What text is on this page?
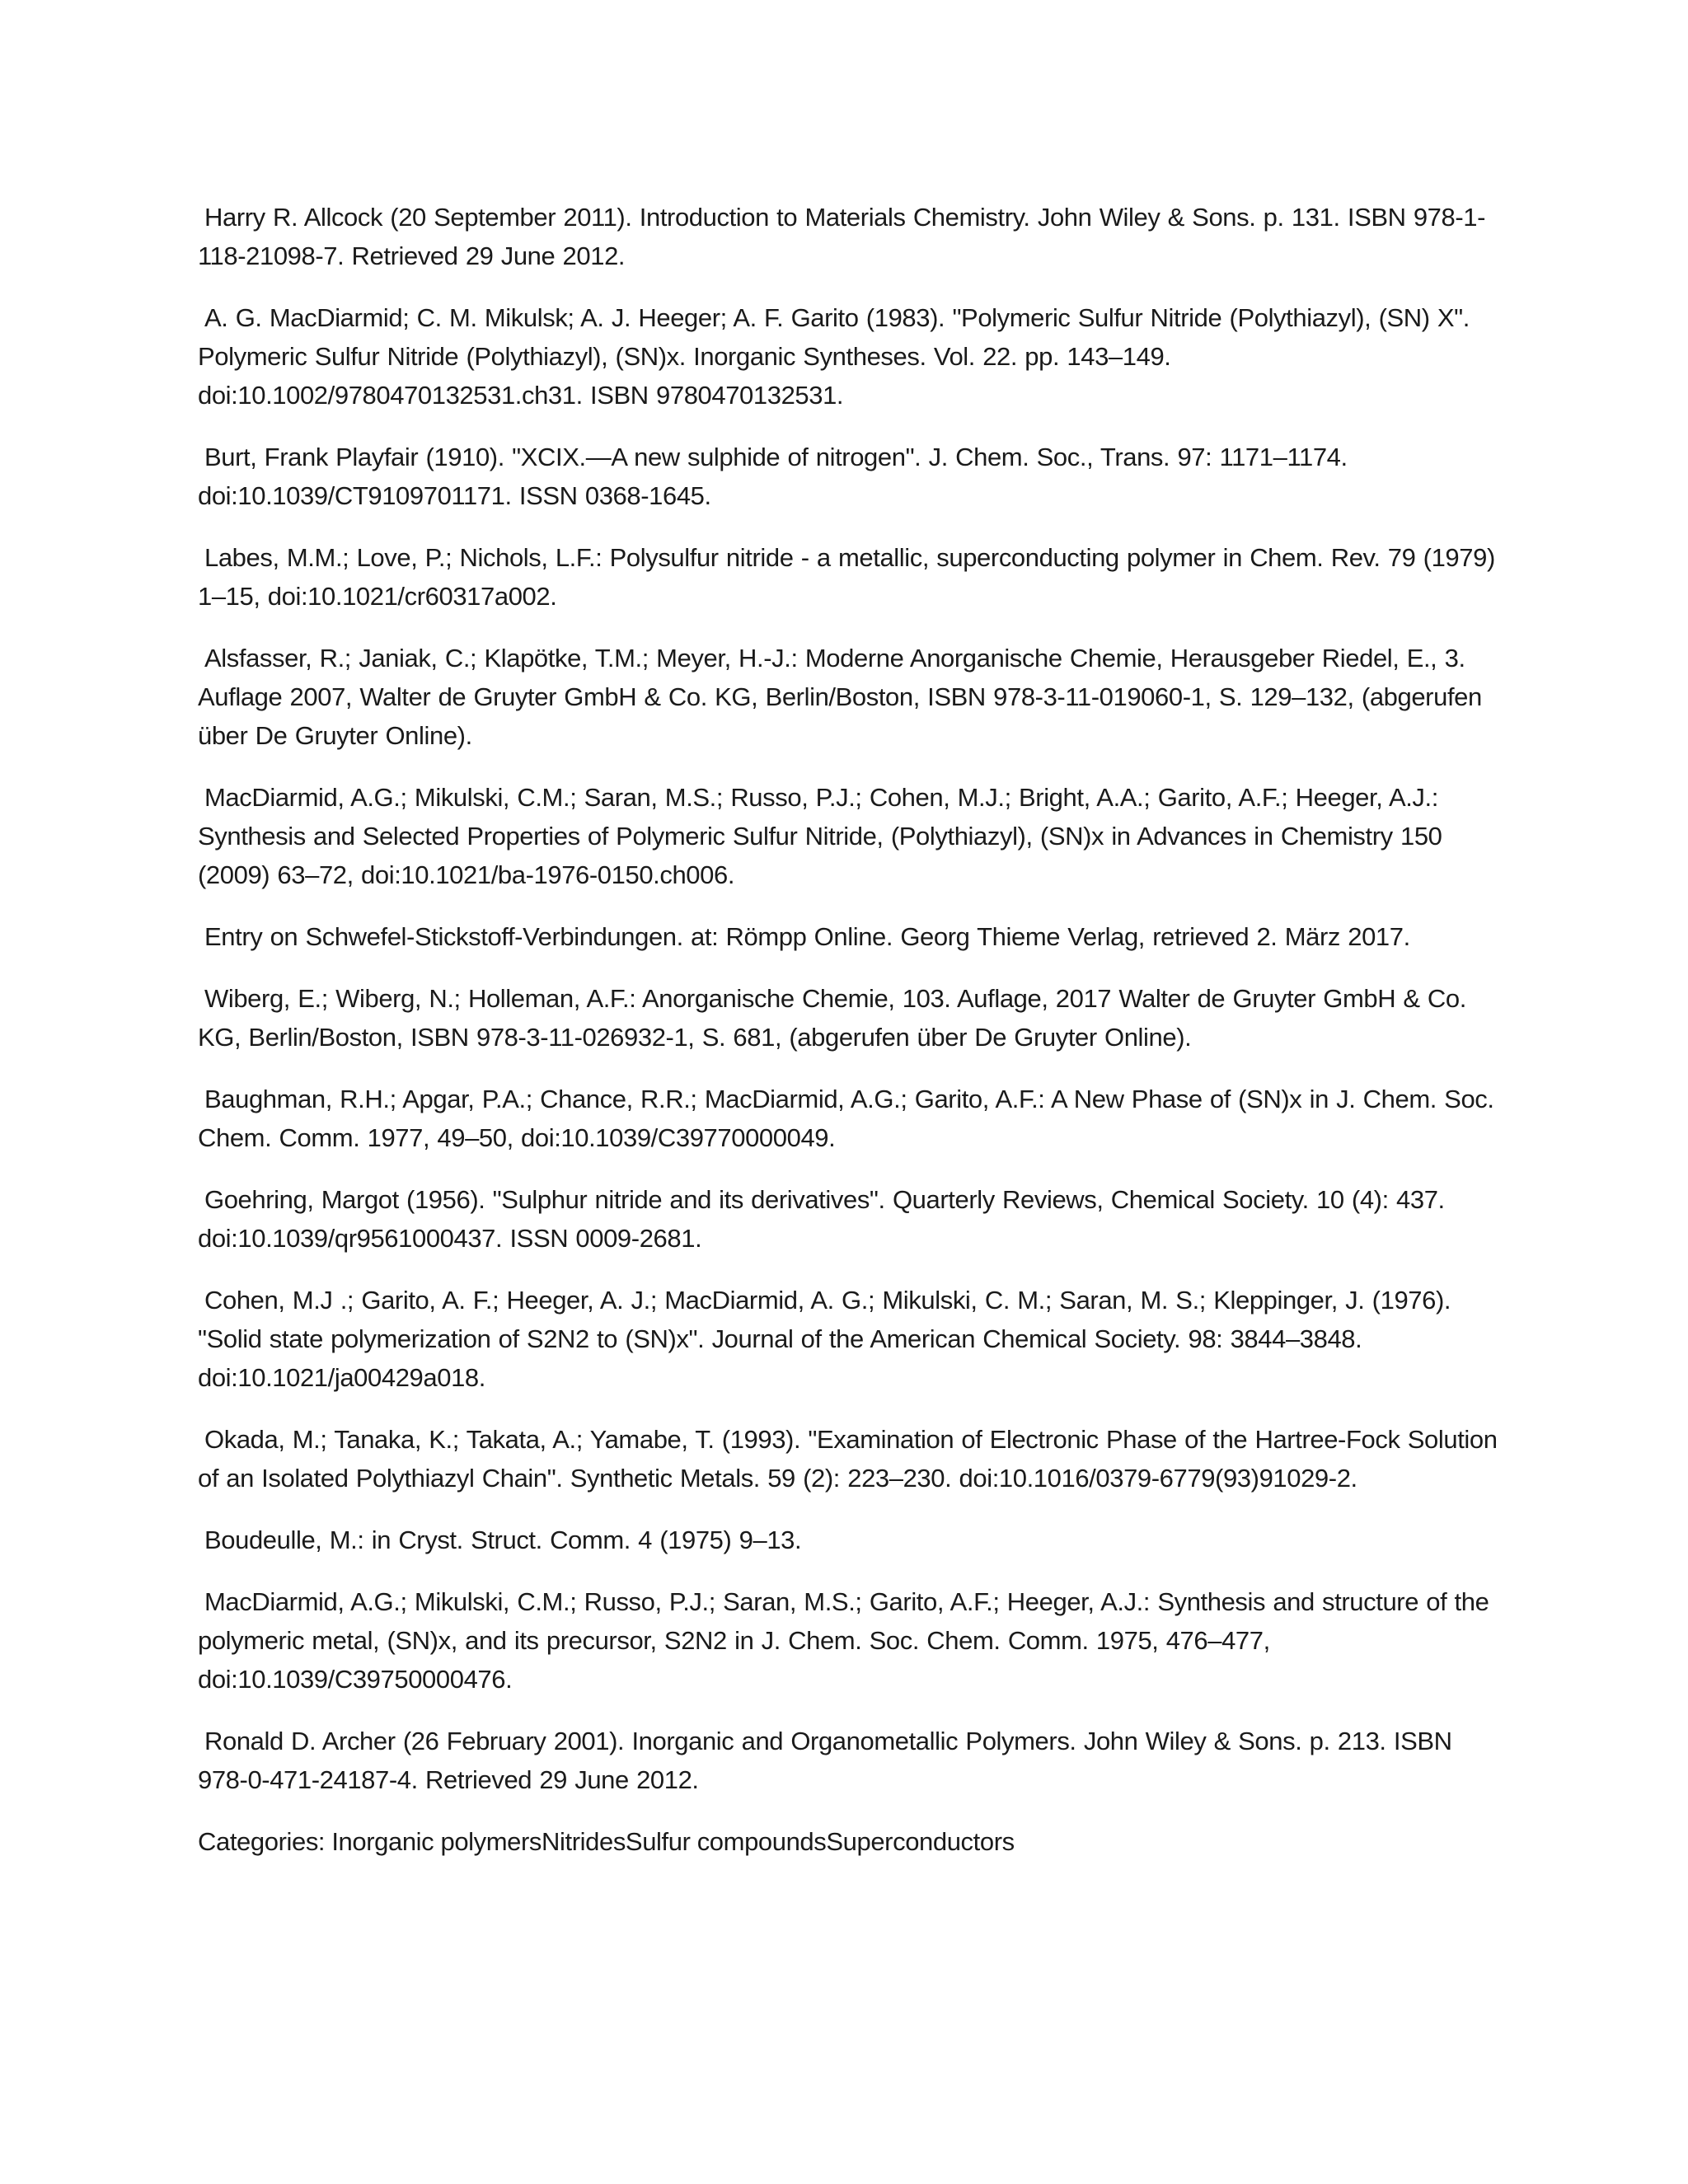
Harry R. Allcock (20 September 2011). Introduction to Materials Chemistry. John Wiley & Sons. p. 131. ISBN 978-1-118-21098-7. Retrieved 29 June 2012.

A. G. MacDiarmid; C. M. Mikulsk; A. J. Heeger; A. F. Garito (1983). "Polymeric Sulfur Nitride (Polythiazyl), (SN) X". Polymeric Sulfur Nitride (Polythiazyl), (SN)x. Inorganic Syntheses. Vol. 22. pp. 143–149. doi:10.1002/9780470132531.ch31. ISBN 9780470132531.

Burt, Frank Playfair (1910). "XCIX.—A new sulphide of nitrogen". J. Chem. Soc., Trans. 97: 1171–1174. doi:10.1039/CT9109701171. ISSN 0368-1645.

Labes, M.M.; Love, P.; Nichols, L.F.: Polysulfur nitride - a metallic, superconducting polymer in Chem. Rev. 79 (1979) 1–15, doi:10.1021/cr60317a002.

Alsfasser, R.; Janiak, C.; Klapötke, T.M.; Meyer, H.-J.: Moderne Anorganische Chemie, Herausgeber Riedel, E., 3. Auflage 2007, Walter de Gruyter GmbH & Co. KG, Berlin/Boston, ISBN 978-3-11-019060-1, S. 129–132, (abgerufen über De Gruyter Online).

MacDiarmid, A.G.; Mikulski, C.M.; Saran, M.S.; Russo, P.J.; Cohen, M.J.; Bright, A.A.; Garito, A.F.; Heeger, A.J.: Synthesis and Selected Properties of Polymeric Sulfur Nitride, (Polythiazyl), (SN)x in Advances in Chemistry 150 (2009) 63–72, doi:10.1021/ba-1976-0150.ch006.

Entry on Schwefel-Stickstoff-Verbindungen. at: Römpp Online. Georg Thieme Verlag, retrieved 2. März 2017.

Wiberg, E.; Wiberg, N.; Holleman, A.F.: Anorganische Chemie, 103. Auflage, 2017 Walter de Gruyter GmbH & Co. KG, Berlin/Boston, ISBN 978-3-11-026932-1, S. 681, (abgerufen über De Gruyter Online).

Baughman, R.H.; Apgar, P.A.; Chance, R.R.; MacDiarmid, A.G.; Garito, A.F.: A New Phase of (SN)x in J. Chem. Soc. Chem. Comm. 1977, 49–50, doi:10.1039/C39770000049.

Goehring, Margot (1956). "Sulphur nitride and its derivatives". Quarterly Reviews, Chemical Society. 10 (4): 437. doi:10.1039/qr9561000437. ISSN 0009-2681.

Cohen, M.J .; Garito, A. F.; Heeger, A. J.; MacDiarmid, A. G.; Mikulski, C. M.; Saran, M. S.; Kleppinger, J. (1976). "Solid state polymerization of S2N2 to (SN)x". Journal of the American Chemical Society. 98: 3844–3848. doi:10.1021/ja00429a018.

Okada, M.; Tanaka, K.; Takata, A.; Yamabe, T. (1993). "Examination of Electronic Phase of the Hartree-Fock Solution of an Isolated Polythiazyl Chain". Synthetic Metals. 59 (2): 223–230. doi:10.1016/0379-6779(93)91029-2.

Boudeulle, M.: in Cryst. Struct. Comm. 4 (1975) 9–13.

MacDiarmid, A.G.; Mikulski, C.M.; Russo, P.J.; Saran, M.S.; Garito, A.F.; Heeger, A.J.: Synthesis and structure of the polymeric metal, (SN)x, and its precursor, S2N2 in J. Chem. Soc. Chem. Comm. 1975, 476–477, doi:10.1039/C39750000476.

Ronald D. Archer (26 February 2001). Inorganic and Organometallic Polymers. John Wiley & Sons. p. 213. ISBN 978-0-471-24187-4. Retrieved 29 June 2012.

Categories: Inorganic polymersNitridesSulfur compoundsSuperconductors
